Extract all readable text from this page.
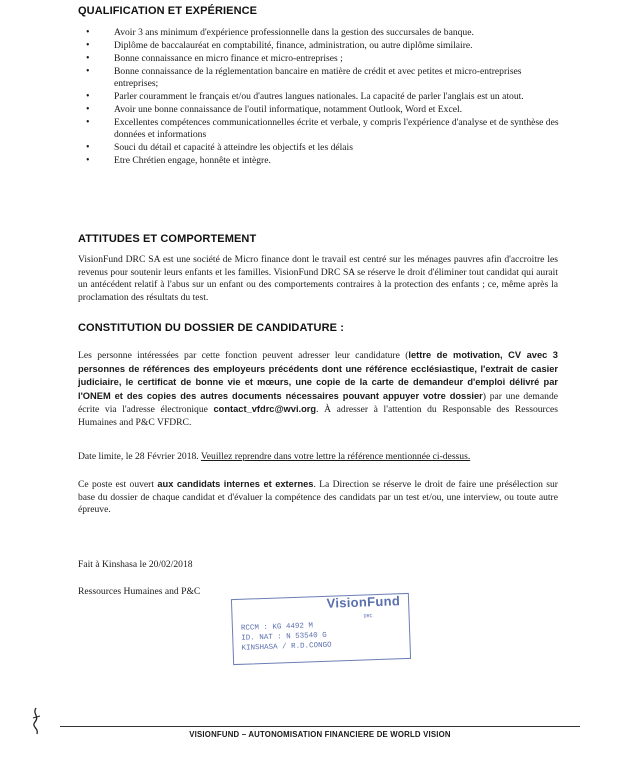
QUALIFICATION ET EXPÉRIENCE
•	Avoir 3 ans minimum d'expérience professionnelle dans la gestion des succursales de banque.
•	Diplôme de baccalauréat en comptabilité, finance, administration, ou autre diplôme similaire.
•	Bonne connaissance en micro finance et micro-entreprises ;
•	Bonne connaissance de la réglementation bancaire en matière de crédit et avec petites et micro-entreprises entreprises;
•	Parler couramment le français et/ou d'autres langues nationales. La capacité de parler l'anglais est un atout.
•	Avoir une bonne connaissance de l'outil informatique, notamment Outlook, Word et Excel.
•	Excellentes compétences communicationnelles écrite et verbale, y compris l'expérience d'analyse et de synthèse des données et informations
•	Souci du détail et capacité à atteindre les objectifs et les délais
•	Etre Chrétien engage, honnête et intègre.
ATTITUDES ET COMPORTEMENT

VisionFund DRC SA est une société de Micro finance dont le travail est centré sur les ménages pauvres afin d'accroitre les revenus pour soutenir leurs enfants et les familles. VisionFund DRC SA se réserve le droit d'éliminer tout candidat qui aurait un antécédent relatif à l'abus sur un enfant ou des comportements contraires à la protection des enfants ; ce, même après la proclamation des résultats du test.

CONSTITUTION DU DOSSIER DE CANDIDATURE :

Les personne intéressées par cette fonction peuvent adresser leur candidature (lettre de motivation, CV avec 3 personnes de références des employeurs précédents dont une référence ecclésiastique, l'extrait de casier judiciaire, le certificat de bonne vie et mœurs, une copie de la carte de demandeur d'emploi délivré par l'ONEM et des copies des autres documents nécessaires pouvant appuyer votre dossier) par une demande écrite via l'adresse électronique contact_vfdrc@wvi.org. À adresser à l'attention du Responsable des Ressources Humaines and P&C VFDRC.

Date limite, le 28 Février 2018. Veuillez reprendre dans votre lettre la référence mentionnée ci-dessus.

Ce poste est ouvert aux candidats internes et externes. La Direction se réserve le droit de faire une présélection sur base du dossier de chaque candidat et d'évaluer la compétence des candidats par un test et/ou, une interview, ou toute autre épreuve.

Fait à Kinshasa le 20/02/2018

Ressources Humaines and P&C

VisionFund
DRC
RCCM : KG 4492 M
ID. NAT : N 53540 G
KINSHASA / R.D.CONGO
VISIONFUND – AUTONOMISATION FINANCIERE DE WORLD VISION
